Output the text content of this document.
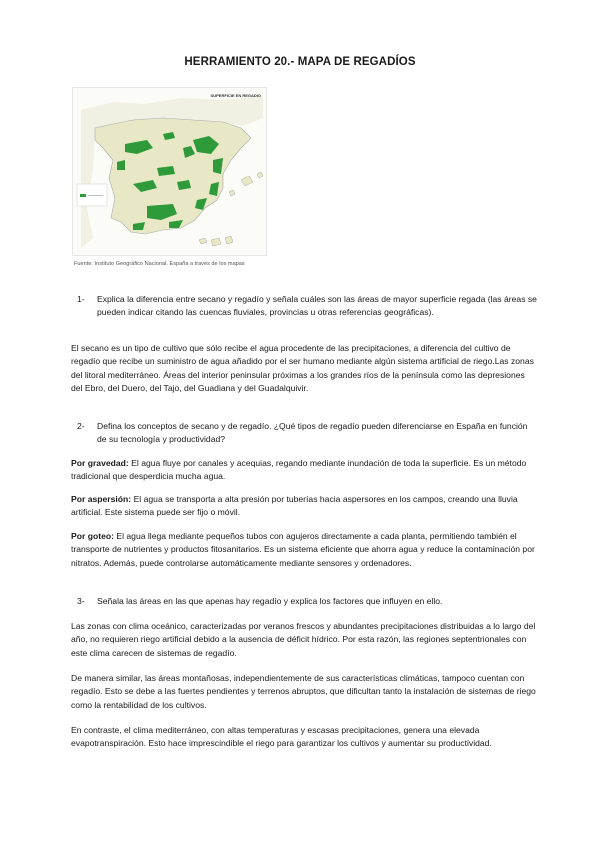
HERRAMIENTO 20.- MAPA DE REGADÍOS
SUPERFICIE EN REGADIO
Fuente: Instituto Geográfico Nacional. España a través de los mapas
1- Explica la diferencia entre secano y regadío y señala cuáles son las áreas de mayor superficie regada (las áreas se pueden indicar citando las cuencas fluviales, provincias u otras referencias geográficas).

El secano es un tipo de cultivo que sólo recibe el agua procedente de las precipitaciones, a diferencia del cultivo de regadío que recibe un suministro de agua añadido por el ser humano mediante algún sistema artificial de riego.Las zonas del litoral mediterráneo. Áreas del interior peninsular próximas a los grandes ríos de la península como las depresiones del Ebro, del Duero, del Tajo, del Guadiana y del Guadalquivir.

2- Defina los conceptos de secano y de regadío. ¿Qué tipos de regadío pueden diferenciarse en España en función de su tecnología y productividad?

Por gravedad: El agua fluye por canales y acequias, regando mediante inundación de toda la superficie. Es un método tradicional que desperdicia mucha agua.

Por aspersión: El agua se transporta a alta presión por tuberías hacia aspersores en los campos, creando una lluvia artificial. Este sistema puede ser fijo o móvil.

Por goteo: El agua llega mediante pequeños tubos con agujeros directamente a cada planta, permitiendo también el transporte de nutrientes y productos fitosanitarios. Es un sistema eficiente que ahorra agua y reduce la contaminación por nitratos. Además, puede controlarse automáticamente mediante sensores y ordenadores.

3- Señala las áreas en las que apenas hay regadío y explica los factores que influyen en ello.

Las zonas con clima oceánico, caracterizadas por veranos frescos y abundantes precipitaciones distribuidas a lo largo del año, no requieren riego artificial debido a la ausencia de déficit hídrico. Por esta razón, las regiones septentrionales con este clima carecen de sistemas de regadío.

De manera similar, las áreas montañosas, independientemente de sus características climáticas, tampoco cuentan con regadío. Esto se debe a las fuertes pendientes y terrenos abruptos, que dificultan tanto la instalación de sistemas de riego como la rentabilidad de los cultivos.

En contraste, el clima mediterráneo, con altas temperaturas y escasas precipitaciones, genera una elevada evapotranspiración. Esto hace imprescindible el riego para garantizar los cultivos y aumentar su productividad.
